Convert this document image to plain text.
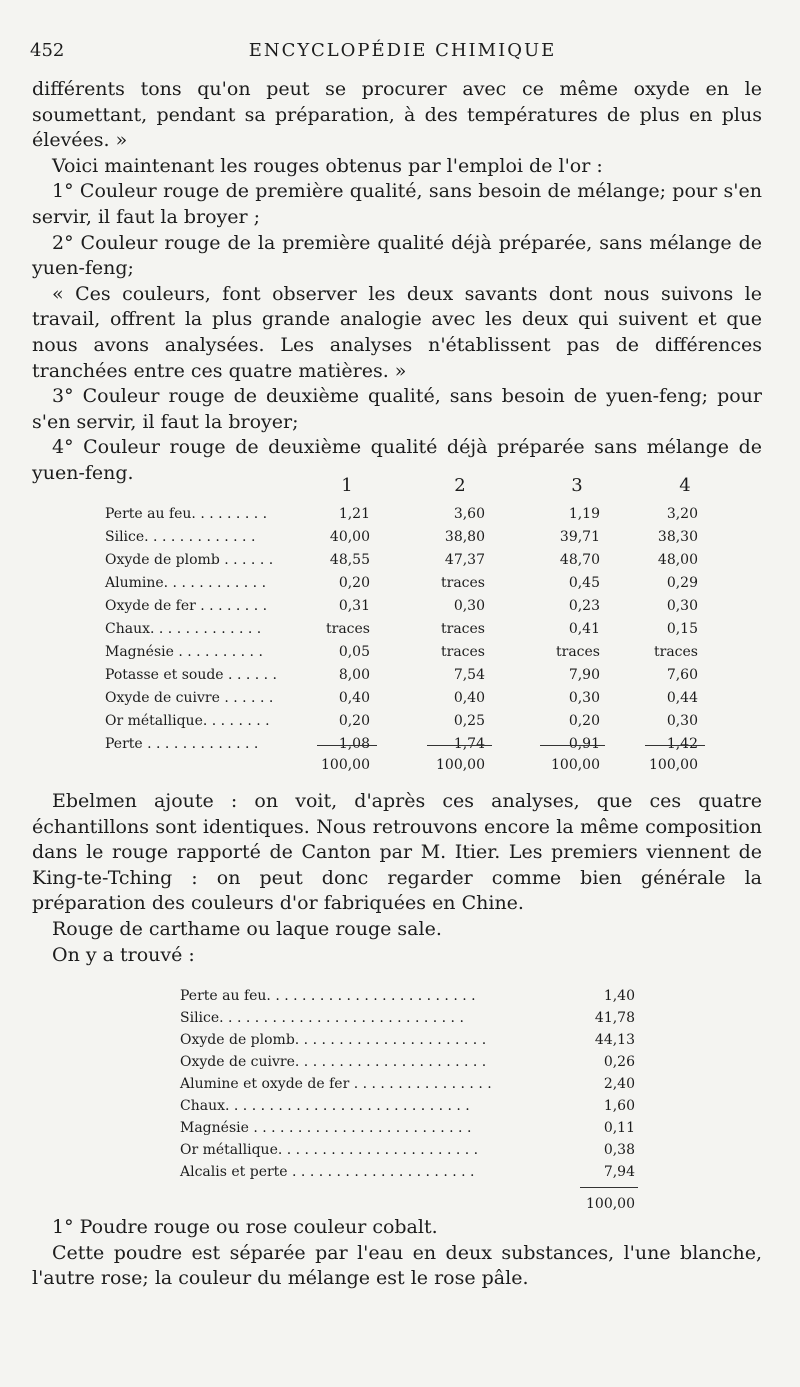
452	ENCYCLOPÉDIE CHIMIQUE

différents tons qu'on peut se procurer avec ce même oxyde en le soumettant, pendant sa préparation, à des températures de plus en plus élevées. »

Voici maintenant les rouges obtenus par l'emploi de l'or :

1° Couleur rouge de première qualité, sans besoin de mélange; pour s'en servir, il faut la broyer ;

2° Couleur rouge de la première qualité déjà préparée, sans mélange de yuen-feng;

« Ces couleurs, font observer les deux savants dont nous suivons le travail, offrent la plus grande analogie avec les deux qui suivent et que nous avons analysées. Les analyses n'établissent pas de différences tranchées entre ces quatre matières. »

3° Couleur rouge de deuxième qualité, sans besoin de yuen-feng; pour s'en servir, il faut la broyer;

4° Couleur rouge de deuxième qualité déjà préparée sans mélange de yuen-feng.

1	2	3	4
Perte au feu. . . . . . . . .	1,21	3,60	1,19	3,20
Silice. . . . . . . . . . . . .	40,00	38,80	39,71	38,30
Oxyde de plomb . . . . . .	48,55	47,37	48,70	48,00
Alumine. . . . . . . . . . . .	0,20	traces	0,45	0,29
Oxyde de fer . . . . . . . .	0,31	0,30	0,23	0,30
Chaux. . . . . . . . . . . . .	traces	traces	0,41	0,15
Magnésie . . . . . . . . . .	0,05	traces	traces	traces
Potasse et soude . . . . . .	8,00	7,54	7,90	7,60
Oxyde de cuivre . . . . . .	0,40	0,40	0,30	0,44
Or métallique. . . . . . . .	0,20	0,25	0,20	0,30
Perte . . . . . . . . . . . . .	1,08	1,74	0,91	1,42
100,00	100,00	100,00	100,00

Ebelmen ajoute : on voit, d'après ces analyses, que ces quatre échantillons sont identiques. Nous retrouvons encore la même composition dans le rouge rapporté de Canton par M. Itier. Les premiers viennent de King-te-Tching : on peut donc regarder comme bien générale la préparation des couleurs d'or fabriquées en Chine.

Rouge de carthame ou laque rouge sale.

On y a trouvé :

Perte au feu. . . . . . . . . . . . . . . . . . . . . . . .	1,40
Silice. . . . . . . . . . . . . . . . . . . . . . . . . . . .	41,78
Oxyde de plomb. . . . . . . . . . . . . . . . . . . . . .	44,13
Oxyde de cuivre. . . . . . . . . . . . . . . . . . . . . .	0,26
Alumine et oxyde de fer . . . . . . . . . . . . . . . .	2,40
Chaux. . . . . . . . . . . . . . . . . . . . . . . . . . . .	1,60
Magnésie . . . . . . . . . . . . . . . . . . . . . . . . .	0,11
Or métallique. . . . . . . . . . . . . . . . . . . . . . .	0,38
Alcalis et perte . . . . . . . . . . . . . . . . . . . . .	7,94
100,00

1° Poudre rouge ou rose couleur cobalt.

Cette poudre est séparée par l'eau en deux substances, l'une blanche, l'autre rose; la couleur du mélange est le rose pâle.
